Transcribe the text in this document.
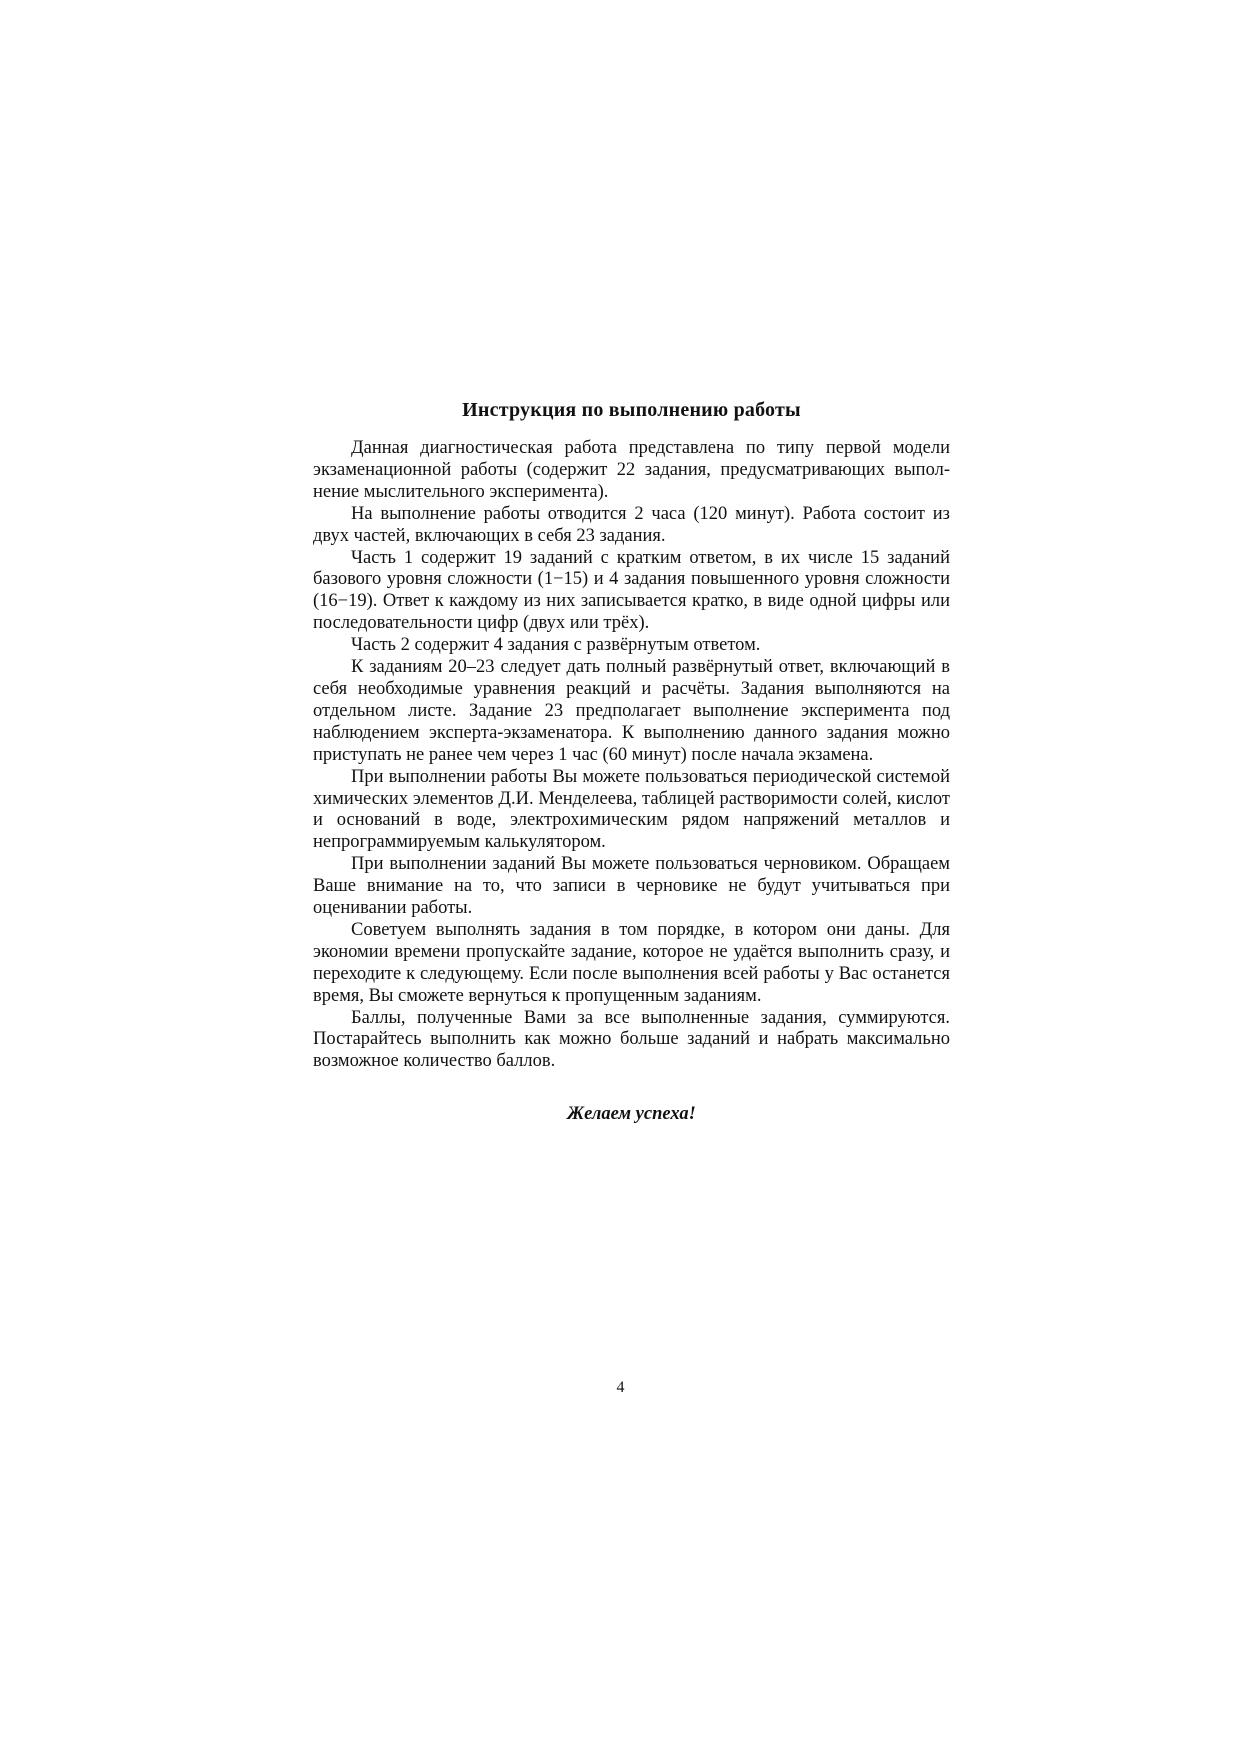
Инструкция по выполнению работы

Данная диагностическая работа представлена по типу первой модели экзаменационной работы (содержит 22 задания, предусматривающих выполнение мыслительного эксперимента).

На выполнение работы отводится 2 часа (120 минут). Работа состоит из двух частей, включающих в себя 23 задания.

Часть 1 содержит 19 заданий с кратким ответом, в их числе 15 заданий базового уровня сложности (1−15) и 4 задания повышенного уровня сложности (16−19). Ответ к каждому из них записывается кратко, в виде одной цифры или последовательности цифр (двух или трёх).

Часть 2 содержит 4 задания с развёрнутым ответом.

К заданиям 20–23 следует дать полный развёрнутый ответ, включающий в себя необходимые уравнения реакций и расчёты. Задания выполняются на отдельном листе. Задание 23 предполагает выполнение эксперимента под наблюдением эксперта-экзаменатора. К выполнению данного задания можно приступать не ранее чем через 1 час (60 минут) после начала экзамена.

При выполнении работы Вы можете пользоваться периодической системой химических элементов Д.И. Менделеева, таблицей растворимости солей, кислот и оснований в воде, электрохимическим рядом напряжений металлов и непрограммируемым калькулятором.

При выполнении заданий Вы можете пользоваться черновиком. Обращаем Ваше внимание на то, что записи в черновике не будут учитываться при оценивании работы.

Советуем выполнять задания в том порядке, в котором они даны. Для экономии времени пропускайте задание, которое не удаётся выполнить сразу, и переходите к следующему. Если после выполнения всей работы у Вас останется время, Вы сможете вернуться к пропущенным заданиям.

Баллы, полученные Вами за все выполненные задания, суммируются. Постарайтесь выполнить как можно больше заданий и набрать максимально возможное количество баллов.

Желаем успеха!

4
